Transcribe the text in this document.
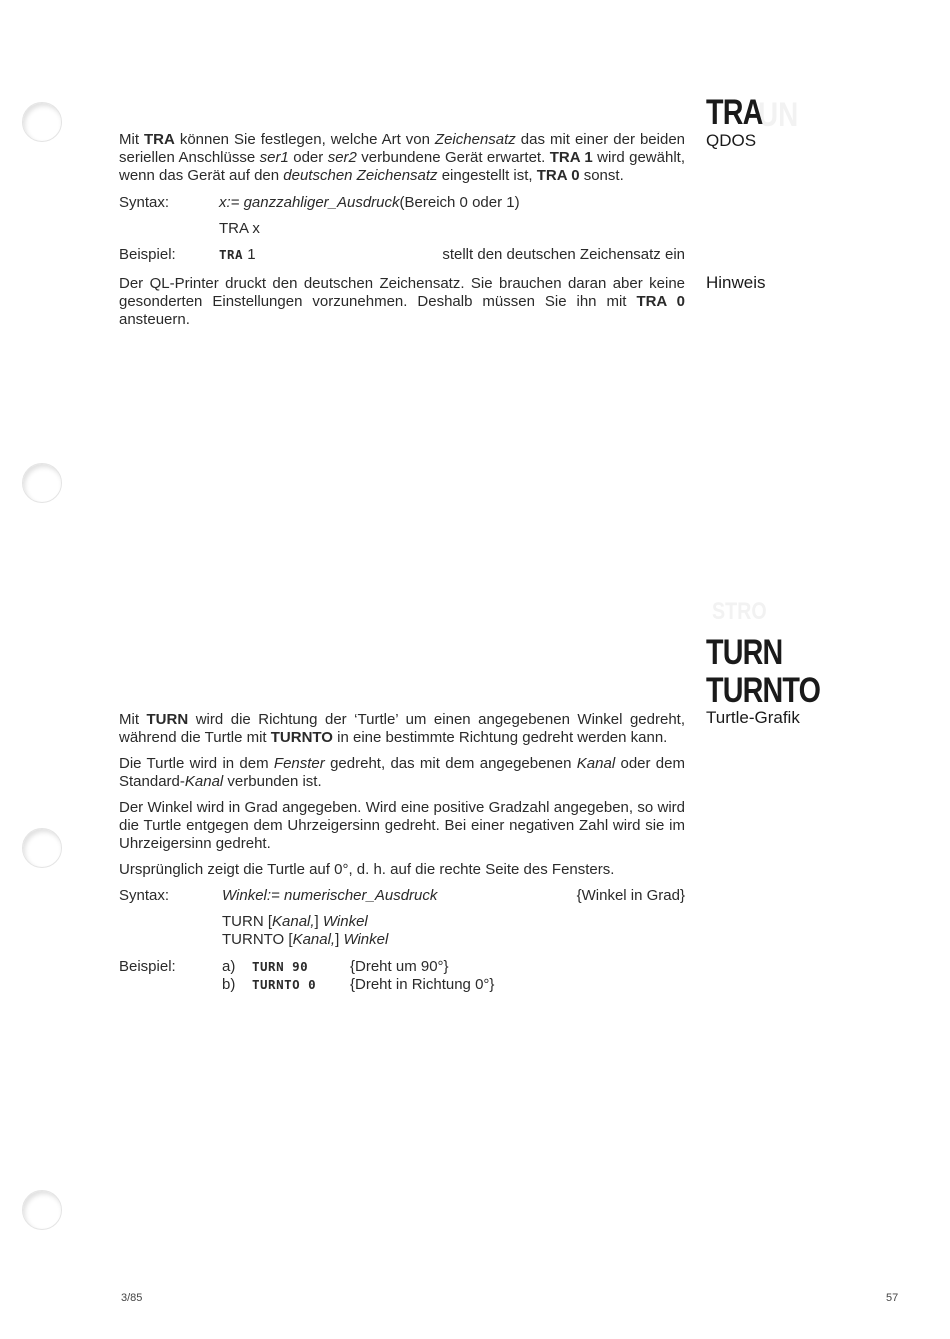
UN
STRO
TRA
QDOS

Mit TRA können Sie festlegen, welche Art von Zeichensatz das mit einer der beiden seriellen Anschlüsse ser1 oder ser2 verbundene Gerät erwartet. TRA 1 wird gewählt, wenn das Gerät auf den deutschen Zeichensatz eingestellt ist, TRA 0 sonst.

Syntax:	x:= ganzzahliger_Ausdruck(Bereich 0 oder 1)
TRA x
Beispiel:	TRA 1	stellt den deutschen Zeichensatz ein
Hinweis

Der QL-Printer druckt den deutschen Zeichensatz. Sie brauchen daran aber keine gesonderten Einstellungen vorzunehmen. Deshalb müssen Sie ihn mit TRA 0 ansteuern.

TURN
TURNTO
Turtle-Grafik

Mit TURN wird die Richtung der ‘Turtle’ um einen angegebenen Winkel gedreht, während die Turtle mit TURNTO in eine bestimmte Richtung gedreht werden kann.

Die Turtle wird in dem Fenster gedreht, das mit dem angegebenen Kanal oder dem Standard-Kanal verbunden ist.

Der Winkel wird in Grad angegeben. Wird eine positive Gradzahl angegeben, so wird die Turtle entgegen dem Uhrzeigersinn gedreht. Bei einer negativen Zahl wird sie im Uhrzeigersinn gedreht.

Ursprünglich zeigt die Turtle auf 0°, d. h. auf die rechte Seite des Fensters.

Syntax:	Winkel:= numerischer_Ausdruck	{Winkel in Grad}
TURN [Kanal,] Winkel
TURNTO [Kanal,] Winkel
Beispiel:	a) TURN 90	{Dreht um 90°}
b) TURNTO 0 {Dreht in Richtung 0°}
3/85	57
